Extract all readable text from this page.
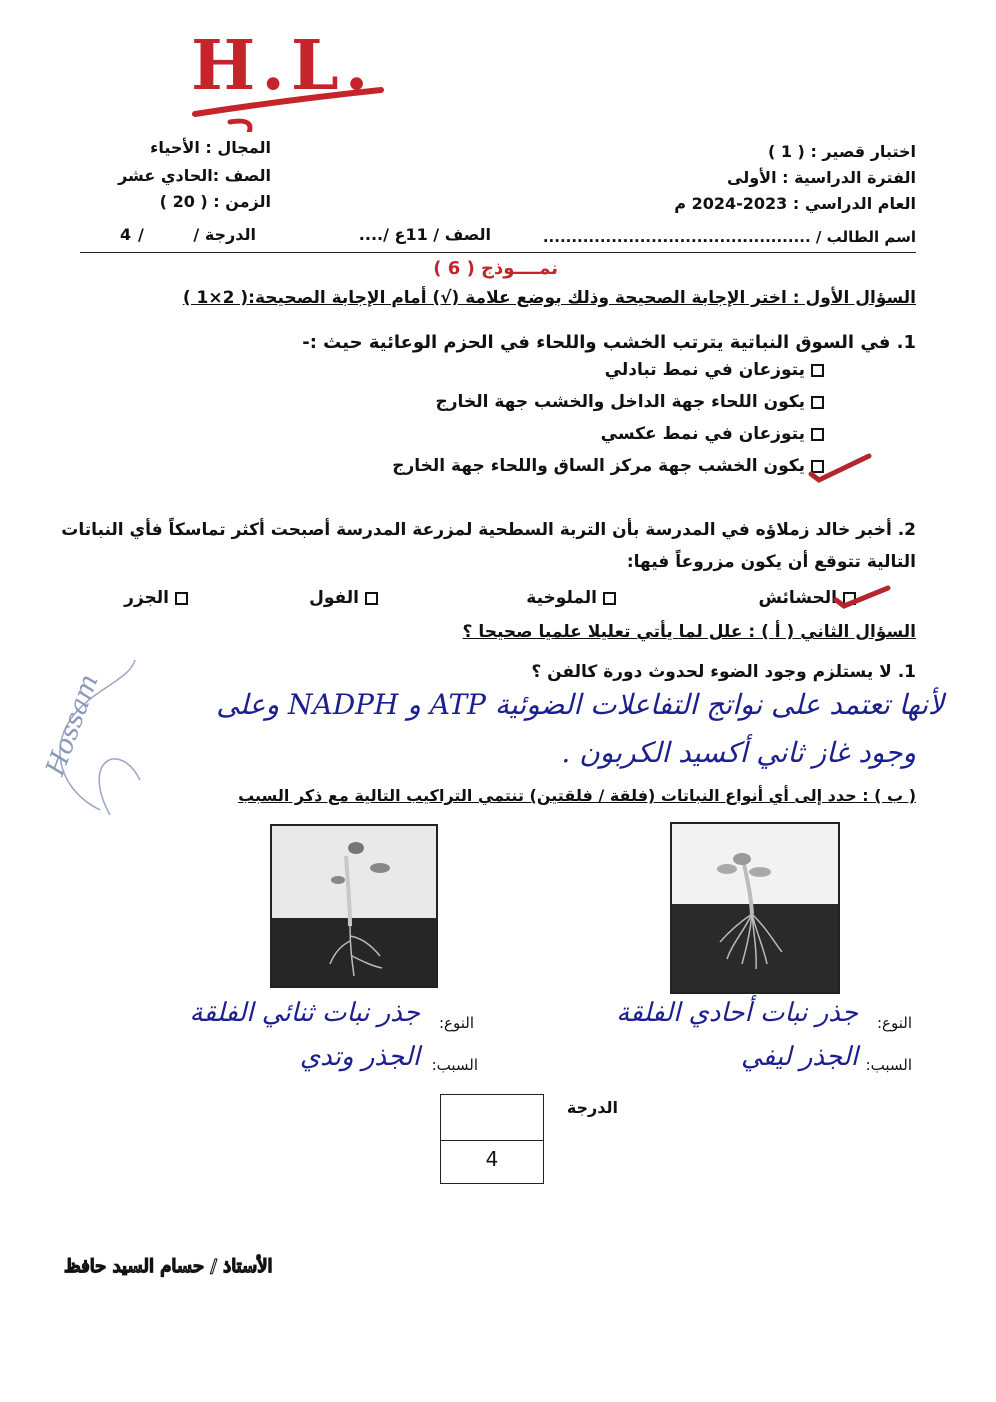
H.L.
اختبار قصير : ( 1 )
الفترة الدراسية : الأولى
العام الدراسي : 2023-2024 م
المجال : الأحياء
الصف :الحادي عشر
الزمن : ( 20 )
اسم الطالب / ...............................................
الصف / 11ع /....
الدرجة /
/
4
نمــــوذج ( 6 )
السؤال الأول : اختر الإجابة الصحيحة وذلك بوضع علامة (√) أمام الإجابة الصحيحة:( 2×1 )
1. في السوق النباتية يترتب الخشب واللحاء في الحزم الوعائية حيث :-
يتوزعان في نمط تبادلي
يكون اللحاء جهة الداخل والخشب جهة الخارج
يتوزعان في نمط عكسي
يكون الخشب جهة مركز الساق واللحاء جهة الخارج
2. أخبر خالد زملاؤه في المدرسة بأن التربة السطحية لمزرعة المدرسة أصبحت أكثر تماسكاً فأي النباتات
التالية تتوقع أن يكون مزروعاً فيها:
الحشائش
الملوخية
الفول
الجزر
السؤال الثاني ( أ ) : علل لما يأتي تعليلا علميا صحيحا ؟
1. لا يستلزم وجود الضوء لحدوث دورة كالفن ؟
لأنها تعتمد على نواتج التفاعلات الضوئية ATP و NADPH وعلى
وجود غاز ثاني أكسيد الكربون .
( ب ) : حدد إلى أي أنواع النباتات (فلقة / فلقتين) تنتمي التراكيب التالية مع ذكر السبب
النوع:
جذر نبات أحادي الفلقة
السبب:
الجذر ليفي
النوع:
جذر نبات ثنائي الفلقة
السبب:
الجذر وتدي
الدرجة
4
الأستاذ / حسام السيد حافظ
Hossam
